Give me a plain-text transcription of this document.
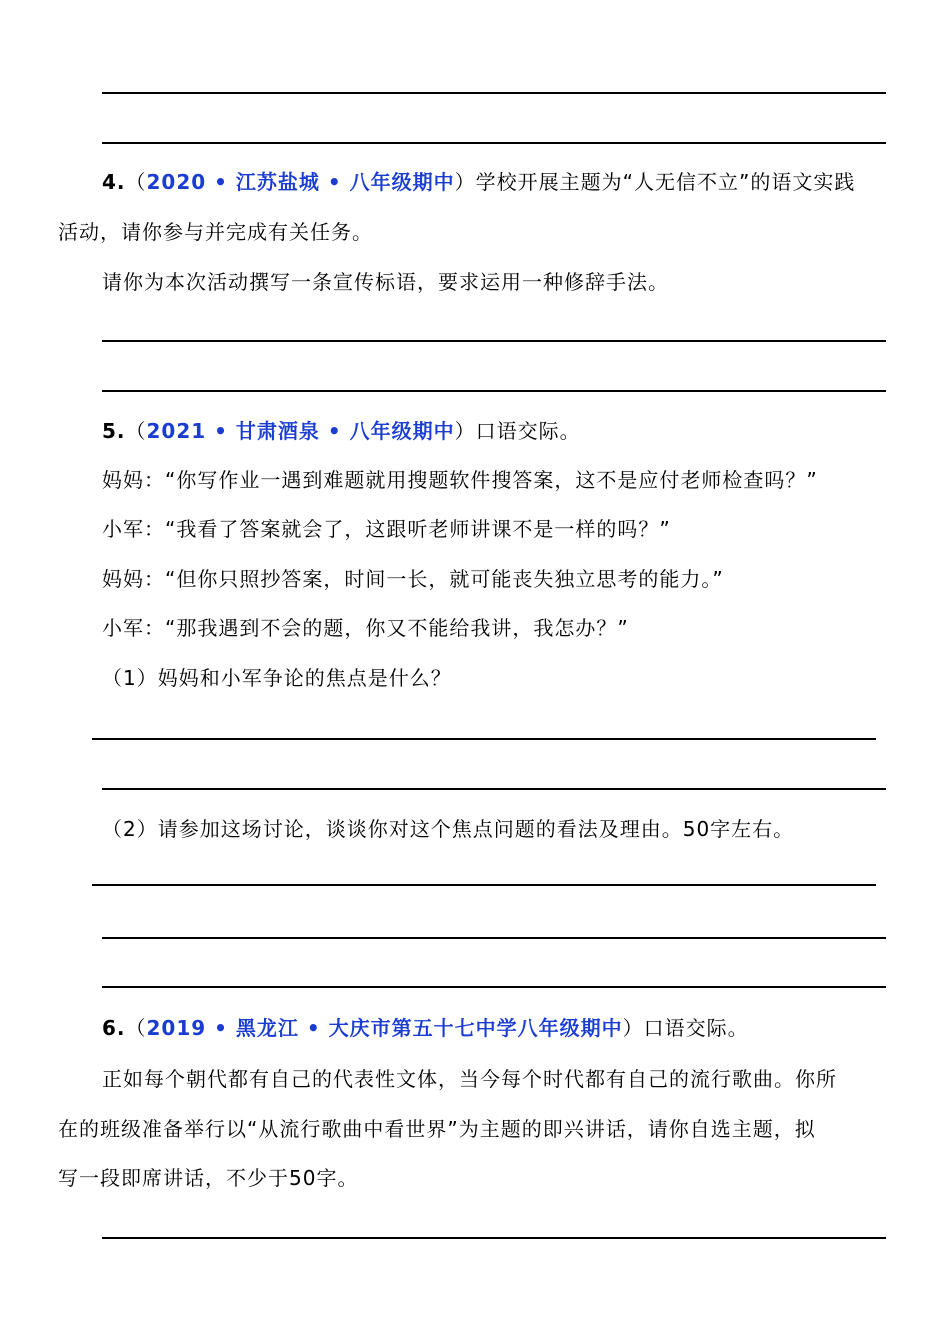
4.（2020 • 江苏盐城 • 八年级期中）学校开展主题为“人无信不立”的语文实践
活动，请你参与并完成有关任务。
请你为本次活动撰写一条宣传标语，要求运用一种修辞手法。
5.（2021 • 甘肃酒泉 • 八年级期中）口语交际。
妈妈：“你写作业一遇到难题就用搜题软件搜答案，这不是应付老师检查吗？”
小军：“我看了答案就会了，这跟听老师讲课不是一样的吗？”
妈妈：“但你只照抄答案，时间一长，就可能丧失独立思考的能力。”
小军：“那我遇到不会的题，你又不能给我讲，我怎办？”
（1）妈妈和小军争论的焦点是什么？
（2）请参加这场讨论，谈谈你对这个焦点问题的看法及理由。50字左右。
6.（2019 • 黑龙江 • 大庆市第五十七中学八年级期中）口语交际。
正如每个朝代都有自己的代表性文体，当今每个时代都有自己的流行歌曲。你所
在的班级准备举行以“从流行歌曲中看世界”为主题的即兴讲话，请你自选主题，拟
写一段即席讲话，不少于50字。
